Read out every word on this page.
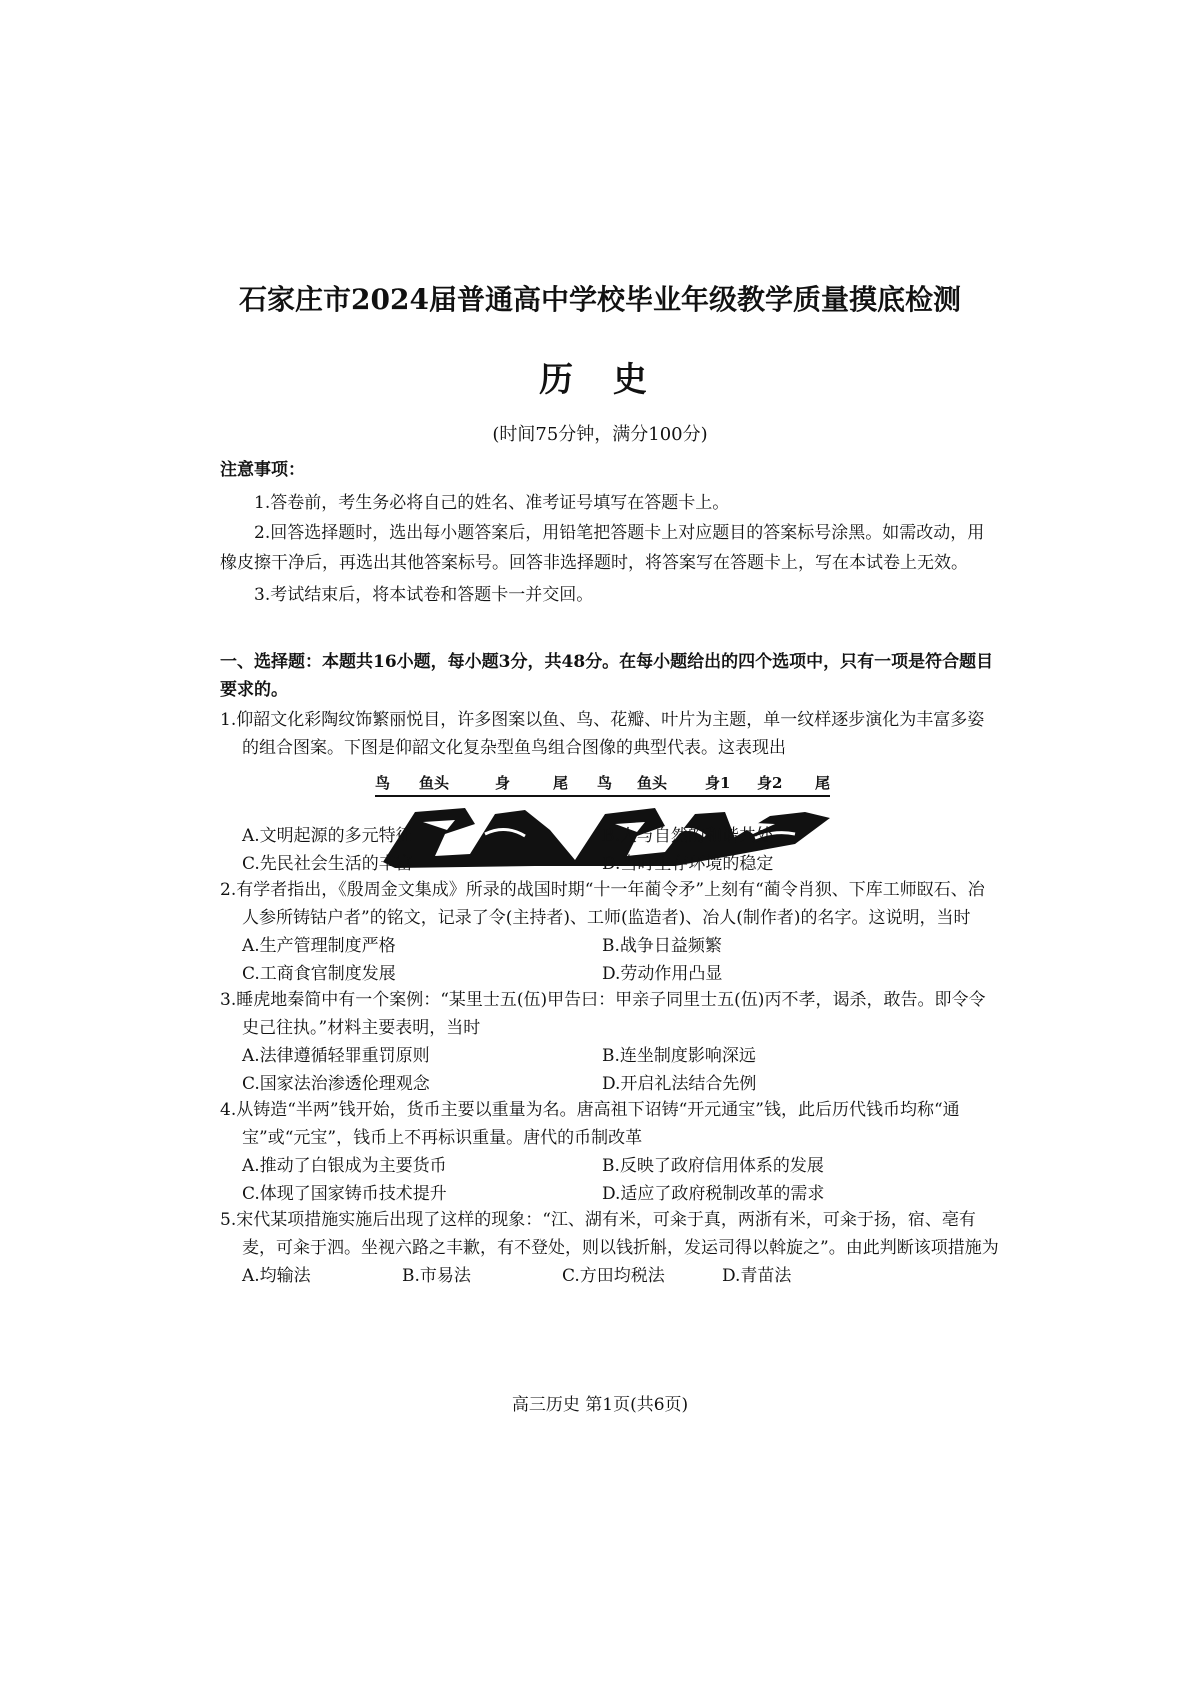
石家庄市2024届普通高中学校毕业年级教学质量摸底检测
历 史
(时间75分钟，满分100分)
注意事项：
1.答卷前，考生务必将自己的姓名、准考证号填写在答题卡上。
2.回答选择题时，选出每小题答案后，用铅笔把答题卡上对应题目的答案标号涂黑。如需改动，用橡皮擦干净后，再选出其他答案标号。回答非选择题时，将答案写在答题卡上，写在本试卷上无效。
3.考试结束后，将本试卷和答题卡一并交回。
一、选择题：本题共16小题，每小题3分，共48分。在每小题给出的四个选项中，只有一项是符合题目要求的。
1.仰韶文化彩陶纹饰繁丽悦目，许多图案以鱼、鸟、花瓣、叶片为主题，单一纹样逐步演化为丰富多姿的组合图案。下图是仰韶文化复杂型鱼鸟组合图像的典型代表。这表现出
鸟 鱼头	身	尾 鸟 鱼头	身1 身2 尾
A.文明起源的多元特征	B.人与自然的和谐共处
C.先民社会生活的丰富	D.当时生存环境的稳定
2.有学者指出，《殷周金文集成》所录的战国时期“十一年蔺令矛”上刻有“蔺令肖狈、下库工师臤石、冶人参所铸钴户者”的铭文，记录了令(主持者)、工师(监造者)、冶人(制作者)的名字。这说明，当时
A.生产管理制度严格	B.战争日益频繁
C.工商食官制度发展	D.劳动作用凸显
3.睡虎地秦简中有一个案例：“某里士五(伍)甲告曰：甲亲子同里士五(伍)丙不孝，谒杀，敢告。即令令史己往执。”材料主要表明，当时
A.法律遵循轻罪重罚原则	B.连坐制度影响深远
C.国家法治渗透伦理观念	D.开启礼法结合先例
4.从铸造“半两”钱开始，货币主要以重量为名。唐高祖下诏铸“开元通宝”钱，此后历代钱币均称“通宝”或“元宝”，钱币上不再标识重量。唐代的币制改革
A.推动了白银成为主要货币	B.反映了政府信用体系的发展
C.体现了国家铸币技术提升	D.适应了政府税制改革的需求
5.宋代某项措施实施后出现了这样的现象：“江、湖有米，可籴于真，两浙有米，可籴于扬，宿、亳有麦，可籴于泗。坐视六路之丰歉，有不登处，则以钱折斛，发运司得以斡旋之”。由此判断该项措施为
A.均输法	B.市易法	C.方田均税法	D.青苗法
高三历史 第1页(共6页)
